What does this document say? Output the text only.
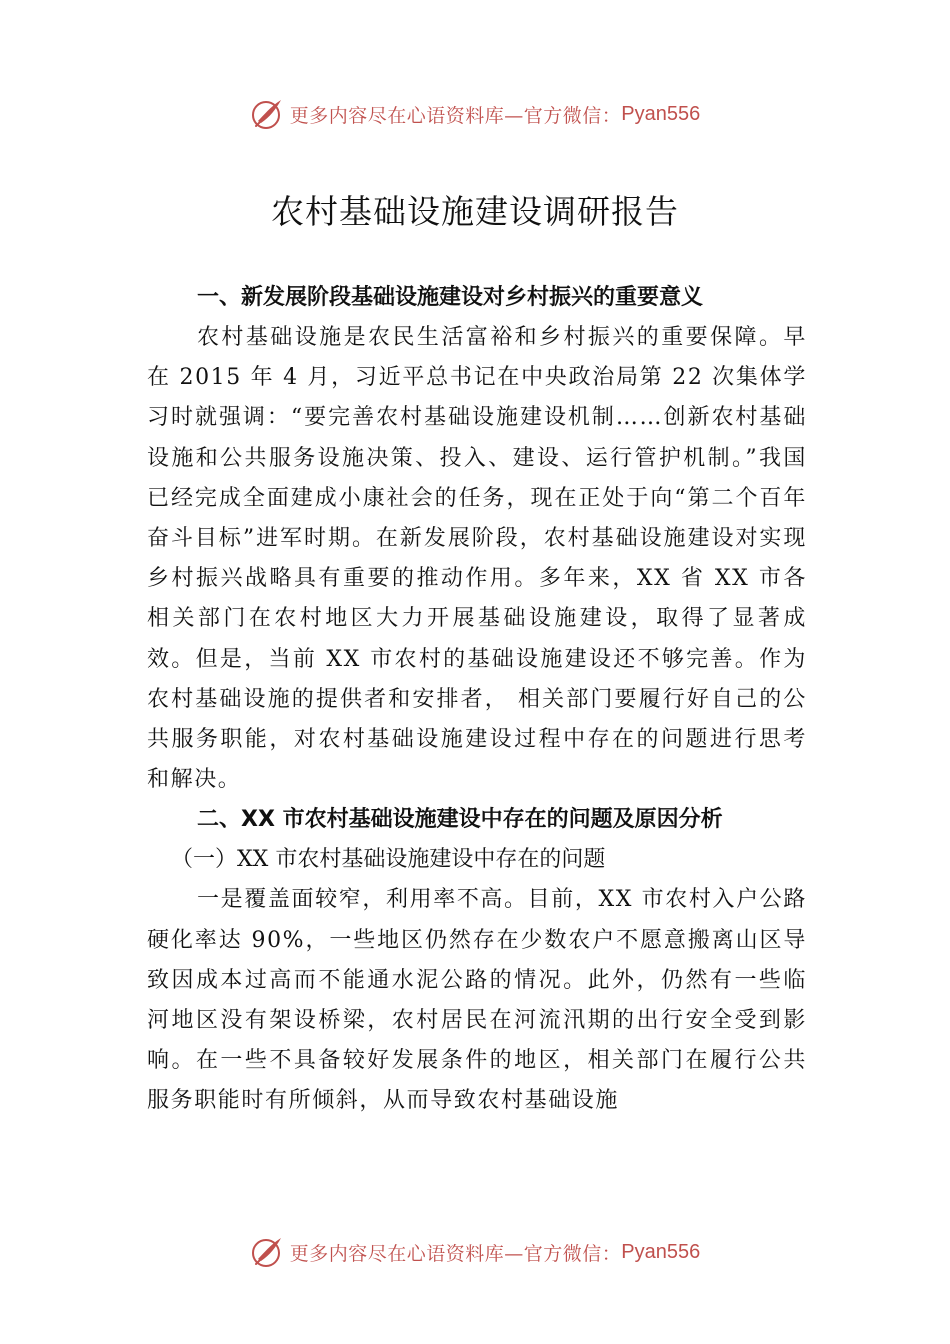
更多内容尽在心语资料库—官方微信： Pyan556
农村基础设施建设调研报告
一、新发展阶段基础设施建设对乡村振兴的重要意义

农村基础设施是农民生活富裕和乡村振兴的重要保障。早在 2015 年 4 月，习近平总书记在中央政治局第 22 次集体学习时就强调：“要完善农村基础设施建设机制……创新农村基础设施和公共服务设施决策、投入、建设、运行管护机制。”我国已经完成全面建成小康社会的任务，现在正处于向“第二个百年奋斗目标”进军时期。在新发展阶段，农村基础设施建设对实现乡村振兴战略具有重要的推动作用。多年来，XX 省 XX 市各相关部门在农村地区大力开展基础设施建设，取得了显著成效。但是，当前 XX 市农村的基础设施建设还不够完善。作为农村基础设施的提供者和安排者， 相关部门要履行好自己的公共服务职能，对农村基础设施建设过程中存在的问题进行思考和解决。

二、XX 市农村基础设施建设中存在的问题及原因分析
（一）XX 市农村基础设施建设中存在的问题

一是覆盖面较窄，利用率不高。目前，XX 市农村入户公路硬化率达 90%，一些地区仍然存在少数农户不愿意搬离山区导致因成本过高而不能通水泥公路的情况。此外，仍然有一些临河地区没有架设桥梁，农村居民在河流汛期的出行安全受到影响。在一些不具备较好发展条件的地区，相关部门在履行公共服务职能时有所倾斜，从而导致农村基础设施

更多内容尽在心语资料库—官方微信： Pyan556
